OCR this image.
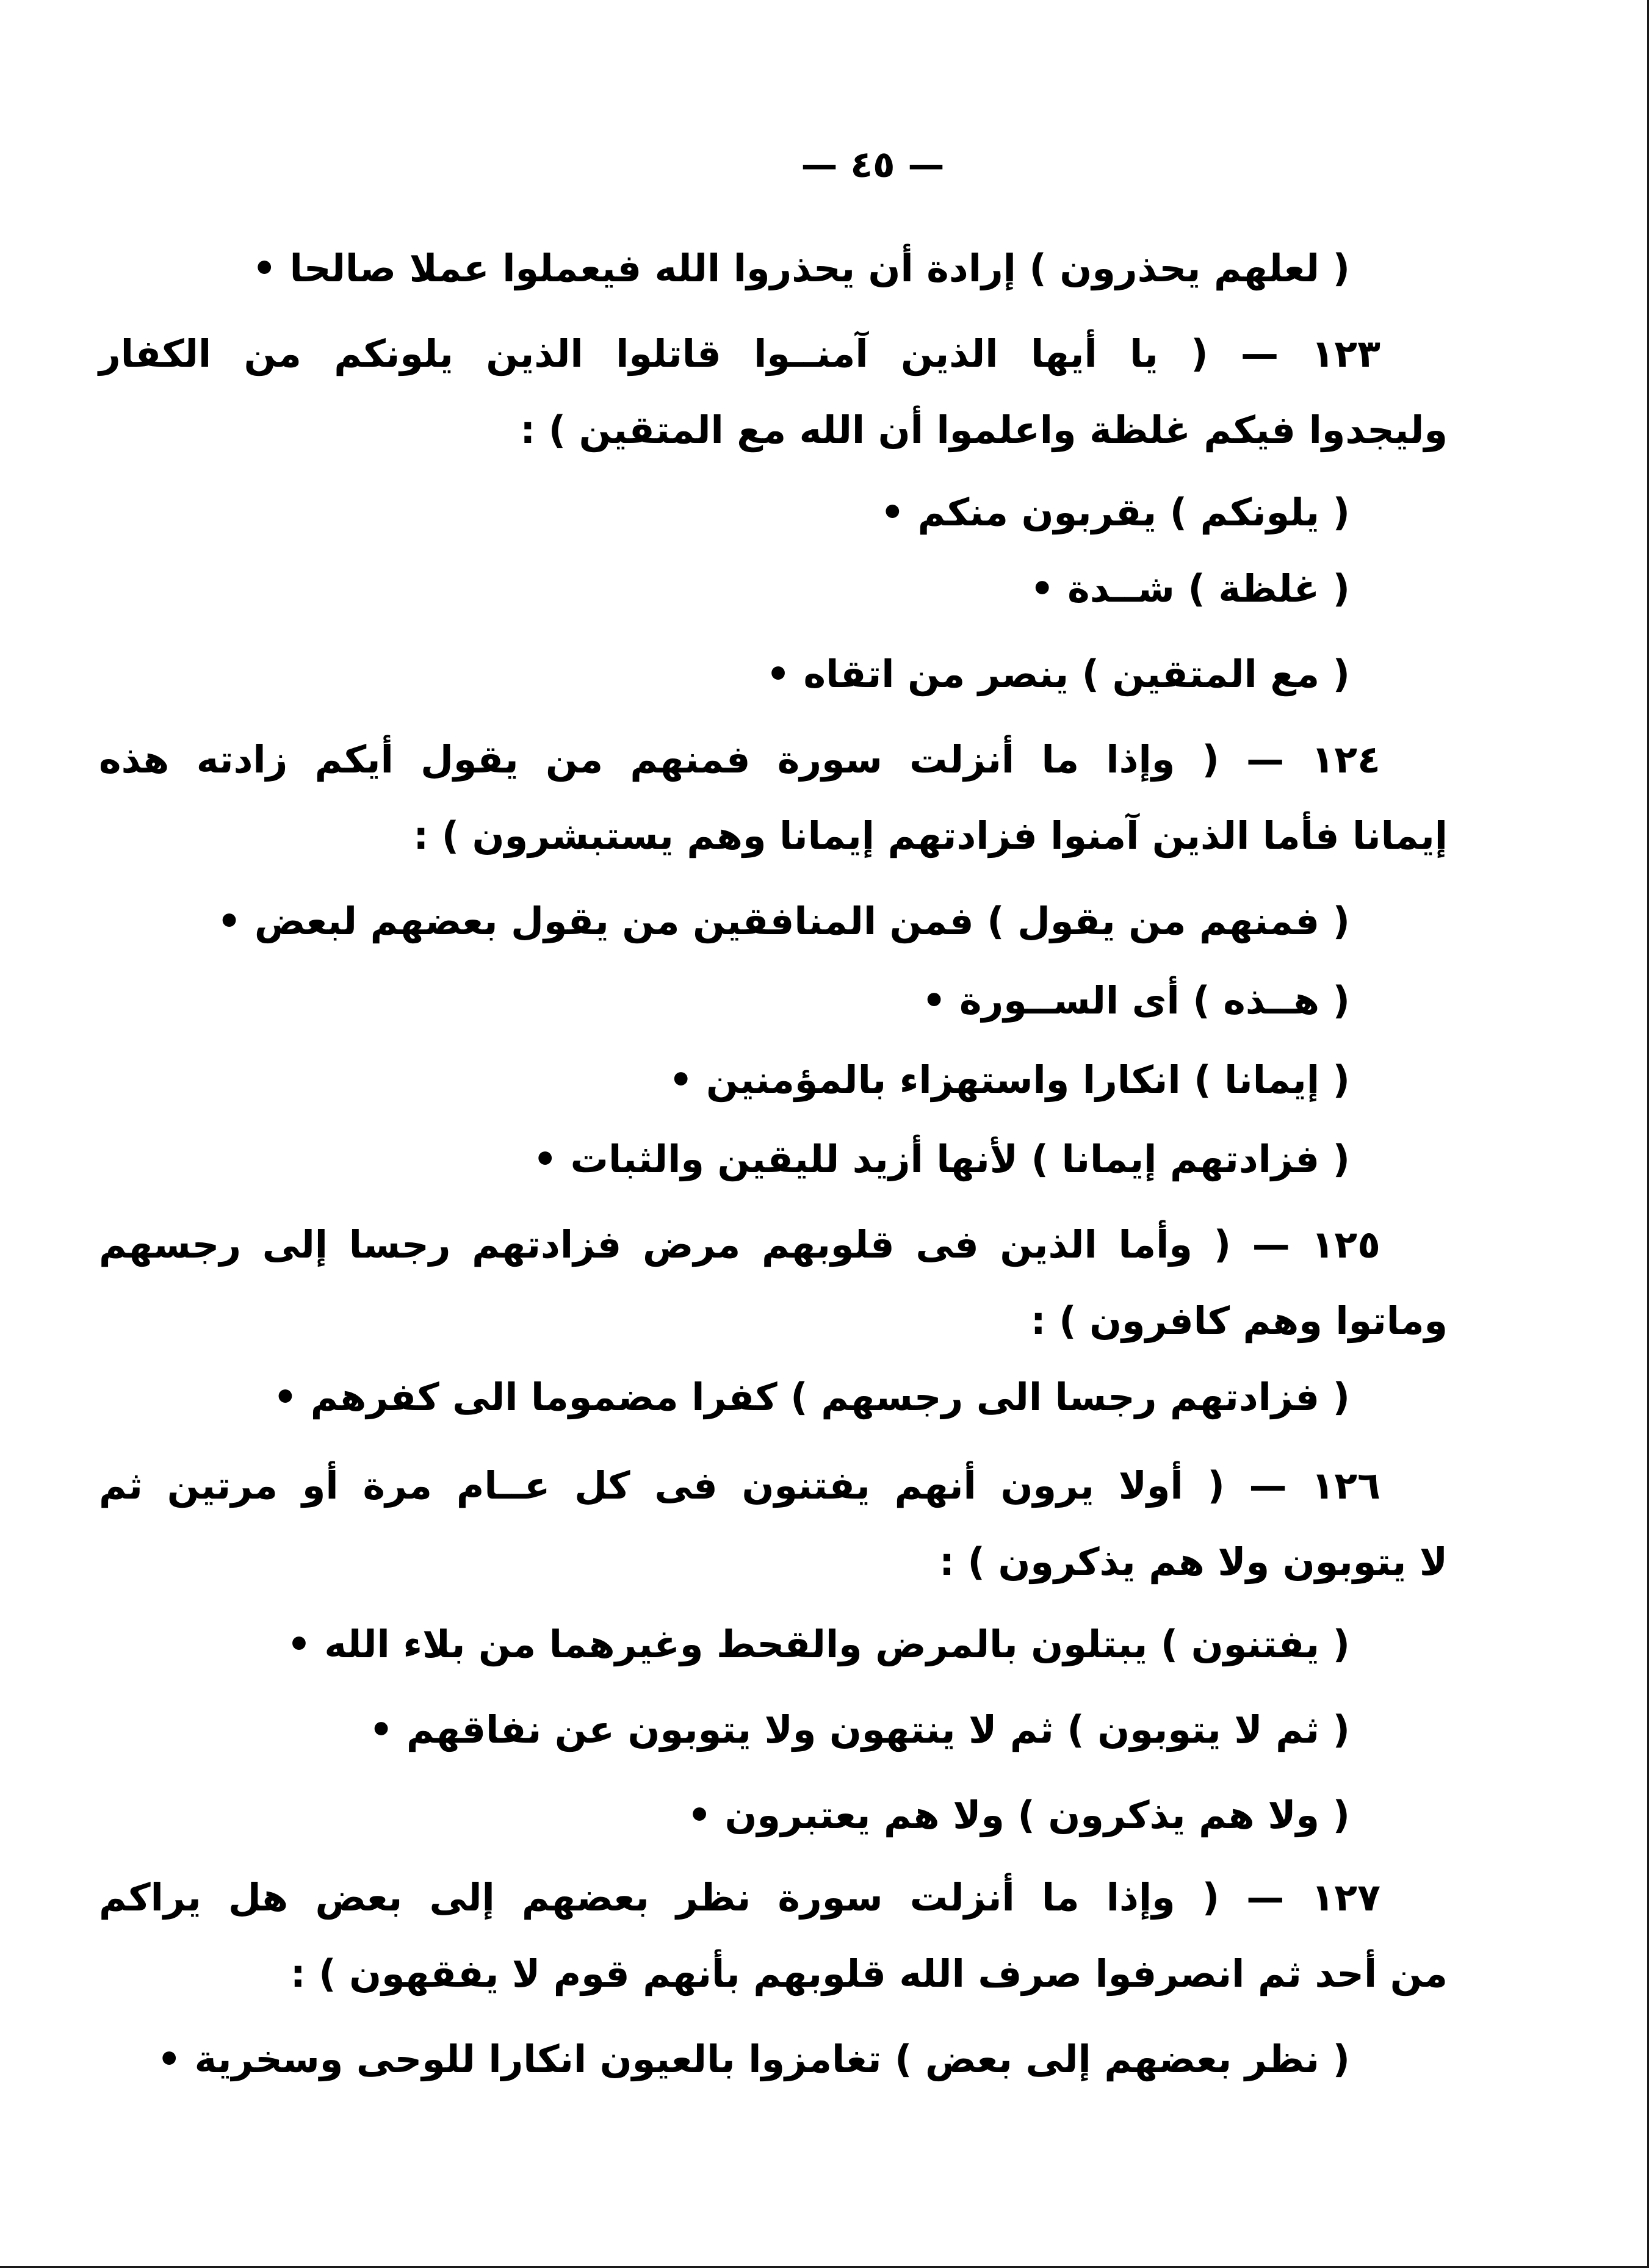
— ٤٥ —
( لعلهم يحذرون ) إرادة أن يحذروا الله فيعملوا عملا صالحا •
١٢٣ — ( يا أيها الذين آمنــوا قاتلوا الذين يلونكم من الكفار
وليجدوا فيكم غلظة واعلموا أن الله مع المتقين ) :
( يلونكم ) يقربون منكم •
( غلظة ) شــدة •
( مع المتقين ) ينصر من اتقاه •
١٢٤ — ( وإذا ما أنزلت سورة فمنهم من يقول أيكم زادته هذه
إيمانا فأما الذين آمنوا فزادتهم إيمانا وهم يستبشرون ) :
( فمنهم من يقول ) فمن المنافقين من يقول بعضهم لبعض •
( هــذه ) أى الســورة •
( إيمانا ) انكارا واستهزاء بالمؤمنين •
( فزادتهم إيمانا ) لأنها أزيد لليقين والثبات •
١٢٥ — ( وأما الذين فى قلوبهم مرض فزادتهم رجسا إلى رجسهم
وماتوا وهم كافرون ) :
( فزادتهم رجسا الى رجسهم ) كفرا مضموما الى كفرهم •
١٢٦ — ( أولا يرون أنهم يفتنون فى كل عــام مرة أو مرتين ثم
لا يتوبون ولا هم يذكرون ) :
( يفتنون ) يبتلون بالمرض والقحط وغيرهما من بلاء الله •
( ثم لا يتوبون ) ثم لا ينتهون ولا يتوبون عن نفاقهم •
( ولا هم يذكرون ) ولا هم يعتبرون •
١٢٧ — ( وإذا ما أنزلت سورة نظر بعضهم إلى بعض هل يراكم
من أحد ثم انصرفوا صرف الله قلوبهم بأنهم قوم لا يفقهون ) :
( نظر بعضهم إلى بعض ) تغامزوا بالعيون انكارا للوحى وسخرية •
